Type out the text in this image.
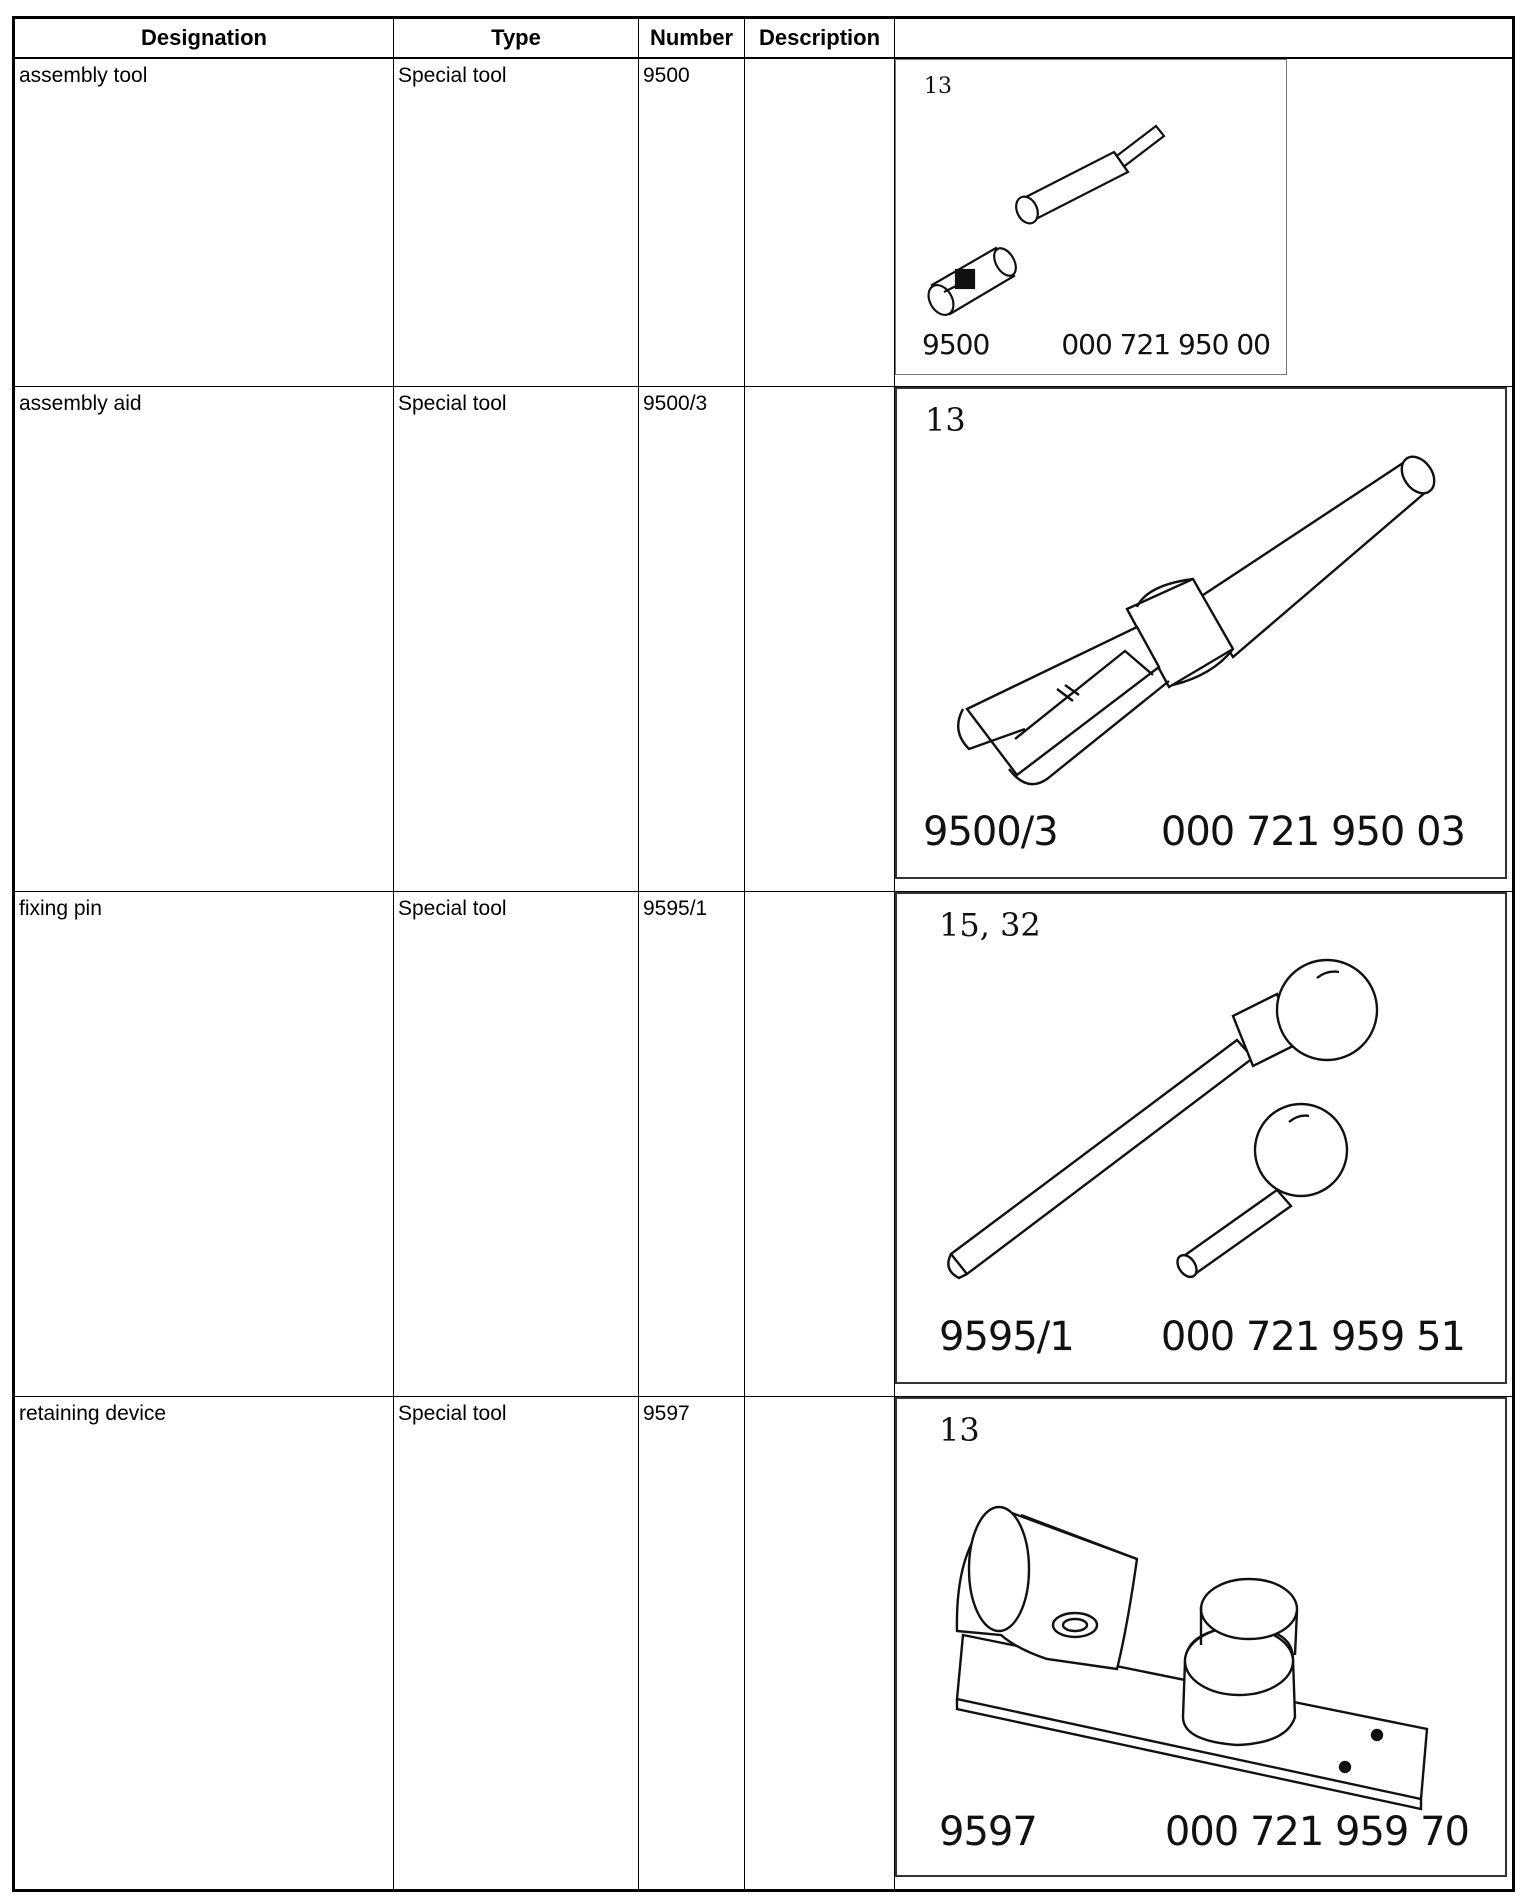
Designation	Type	Number	Description	
assembly tool	Special tool	9500		13
9500 000 721 950 00

assembly aid	Special tool	9500/3		13
9500/3 000 721 950 03

fixing pin	Special tool	9595/1		15, 32
9595/1 000 721 959 51

retaining device	Special tool	9597		13
9597 000 721 959 70
